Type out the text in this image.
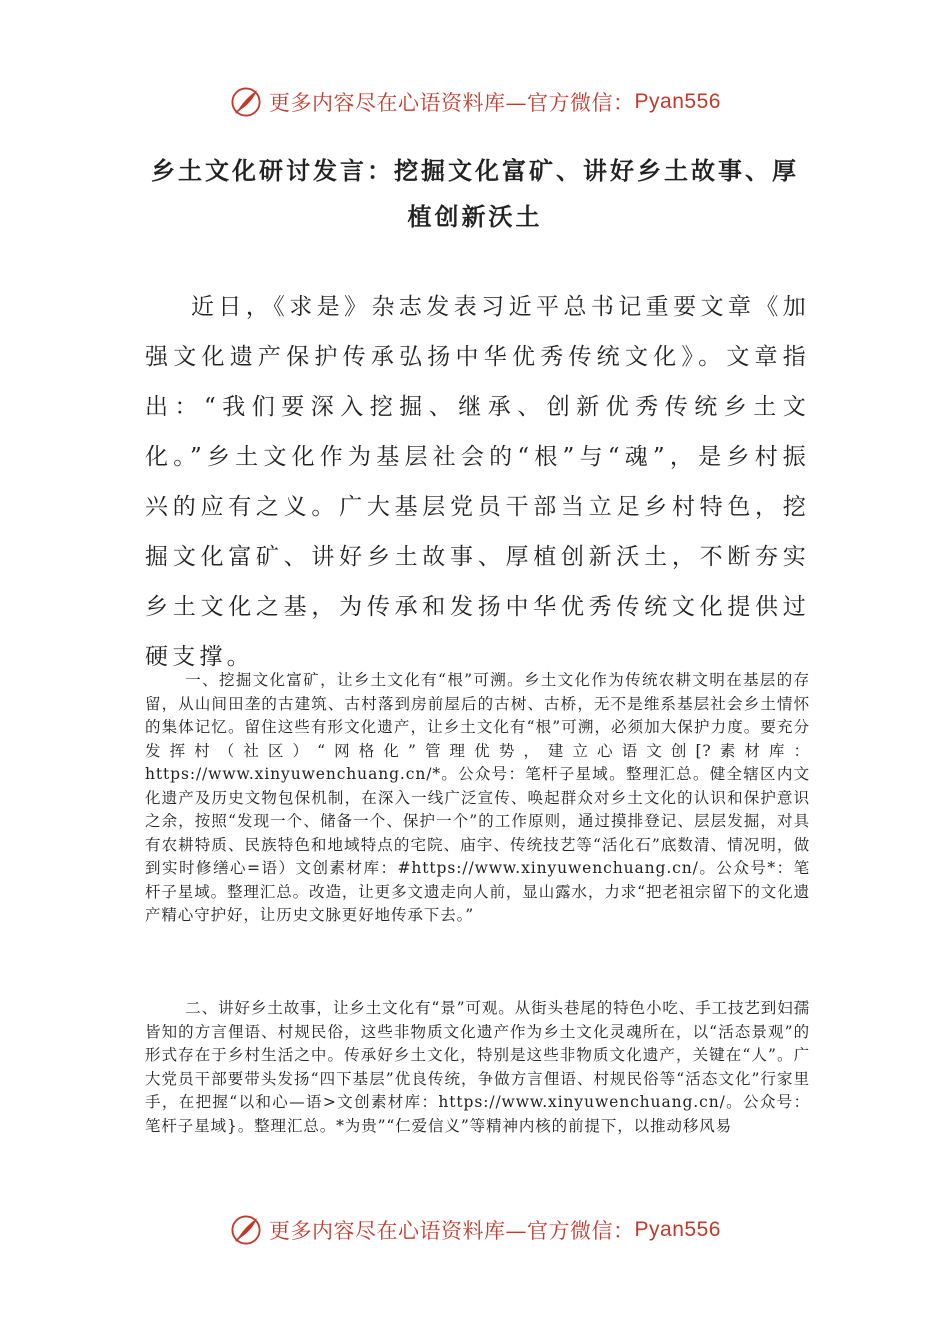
更多内容尽在心语资料库—官方微信： Pyan556
乡土文化研讨发言：挖掘文化富矿、讲好乡土故事、厚植创新沃土

近日，《求是》杂志发表习近平总书记重要文章《加强文化遗产保护传承弘扬中华优秀传统文化》。文章指出：“我们要深入挖掘、继承、创新优秀传统乡土文化。”乡土文化作为基层社会的“根”与“魂”，是乡村振兴的应有之义。广大基层党员干部当立足乡村特色，挖掘文化富矿、讲好乡土故事、厚植创新沃土，不断夯实乡土文化之基，为传承和发扬中华优秀传统文化提供过硬支撑。

一、挖掘文化富矿，让乡土文化有“根”可溯。乡土文化作为传统农耕文明在基层的存留，从山间田垄的古建筑、古村落到房前屋后的古树、古桥，无不是维系基层社会乡土情怀的集体记忆。留住这些有形文化遗产，让乡土文化有“根”可溯，必须加大保护力度。要充分发挥村（社区）“网格化”管理优势，建立心语文创[?素材库：https://www.xinyuwenchuang.cn/*。公众号：笔杆子星域。整理汇总。健全辖区内文化遗产及历史文物包保机制，在深入一线广泛宣传、唤起群众对乡土文化的认识和保护意识之余，按照“发现一个、储备一个、保护一个”的工作原则，通过摸排登记、层层发掘，对具有农耕特质、民族特色和地域特点的宅院、庙宇、传统技艺等“活化石”底数清、情况明，做到实时修缮心=语）文创素材库：#https://www.xinyuwenchuang.cn/。公众号*：笔杆子星域。整理汇总。改造，让更多文遗走向人前，显山露水，力求“把老祖宗留下的文化遗产精心守护好，让历史文脉更好地传承下去。”

二、讲好乡土故事，让乡土文化有“景”可观。从街头巷尾的特色小吃、手工技艺到妇孺皆知的方言俚语、村规民俗，这些非物质文化遗产作为乡土文化灵魂所在，以“活态景观”的形式存在于乡村生活之中。传承好乡土文化，特别是这些非物质文化遗产，关键在“人”。广大党员干部要带头发扬“四下基层”优良传统，争做方言俚语、村规民俗等“活态文化”行家里手，在把握“以和心—语>文创素材库：https://www.xinyuwenchuang.cn/。公众号：笔杆子星域}。整理汇总。*为贵”“仁爱信义”等精神内核的前提下，以推动移风易

更多内容尽在心语资料库—官方微信： Pyan556
